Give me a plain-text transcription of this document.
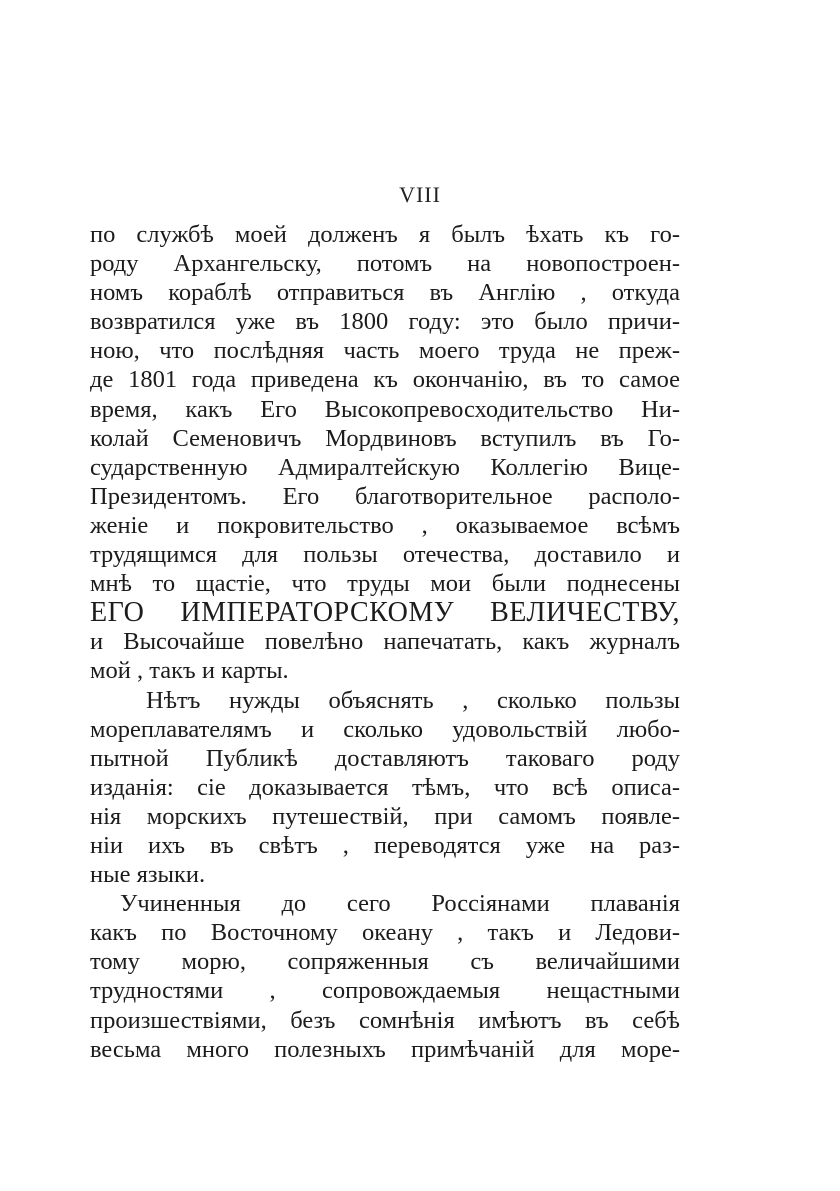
VIII
по службѣ моей долженъ я былъ ѣхать къ го-
роду Архангельску, потомъ на новопостроен-
номъ кораблѣ отправиться въ Англію , откуда
возвратился уже въ 1800 году: это было причи-
ною, что послѣдняя часть моего труда не преж-
де 1801 года приведена къ окончанію, въ то самое
время, какъ Его Высокопревосходительство Ни-
колай Семеновичъ Мордвиновъ вступилъ въ Го-
сударственную Адмиралтейскую Коллегію Вице-
Президентомъ. Его благотворительное располо-
женіе и покровительство , оказываемое всѣмъ
трудящимся для пользы отечества, доставило и
мнѣ то щастіе, что труды мои были поднесены
ЕГО ИМПЕРАТОРСКОМУ ВЕЛИЧЕСТВУ,
и Высочайше повелѣно напечатать, какъ журналъ
мой , такъ и карты.
Нѣтъ нужды объяснять , сколько пользы
мореплавателямъ и сколько удовольствій любо-
пытной Публикѣ доставляютъ таковаго роду
изданія: сіе доказывается тѣмъ, что всѣ описа-
нія морскихъ путешествій, при самомъ появле-
ніи ихъ въ свѣтъ , переводятся уже на раз-
ные языки.
Учиненныя до сего Россіянами плаванія
какъ по Восточному океану , такъ и Ледови-
тому морю, сопряженныя съ величайшими
трудностями , сопровождаемыя нещастными
произшествіями, безъ сомнѣнія имѣютъ въ себѣ
весьма много полезныхъ примѣчаній для море-
